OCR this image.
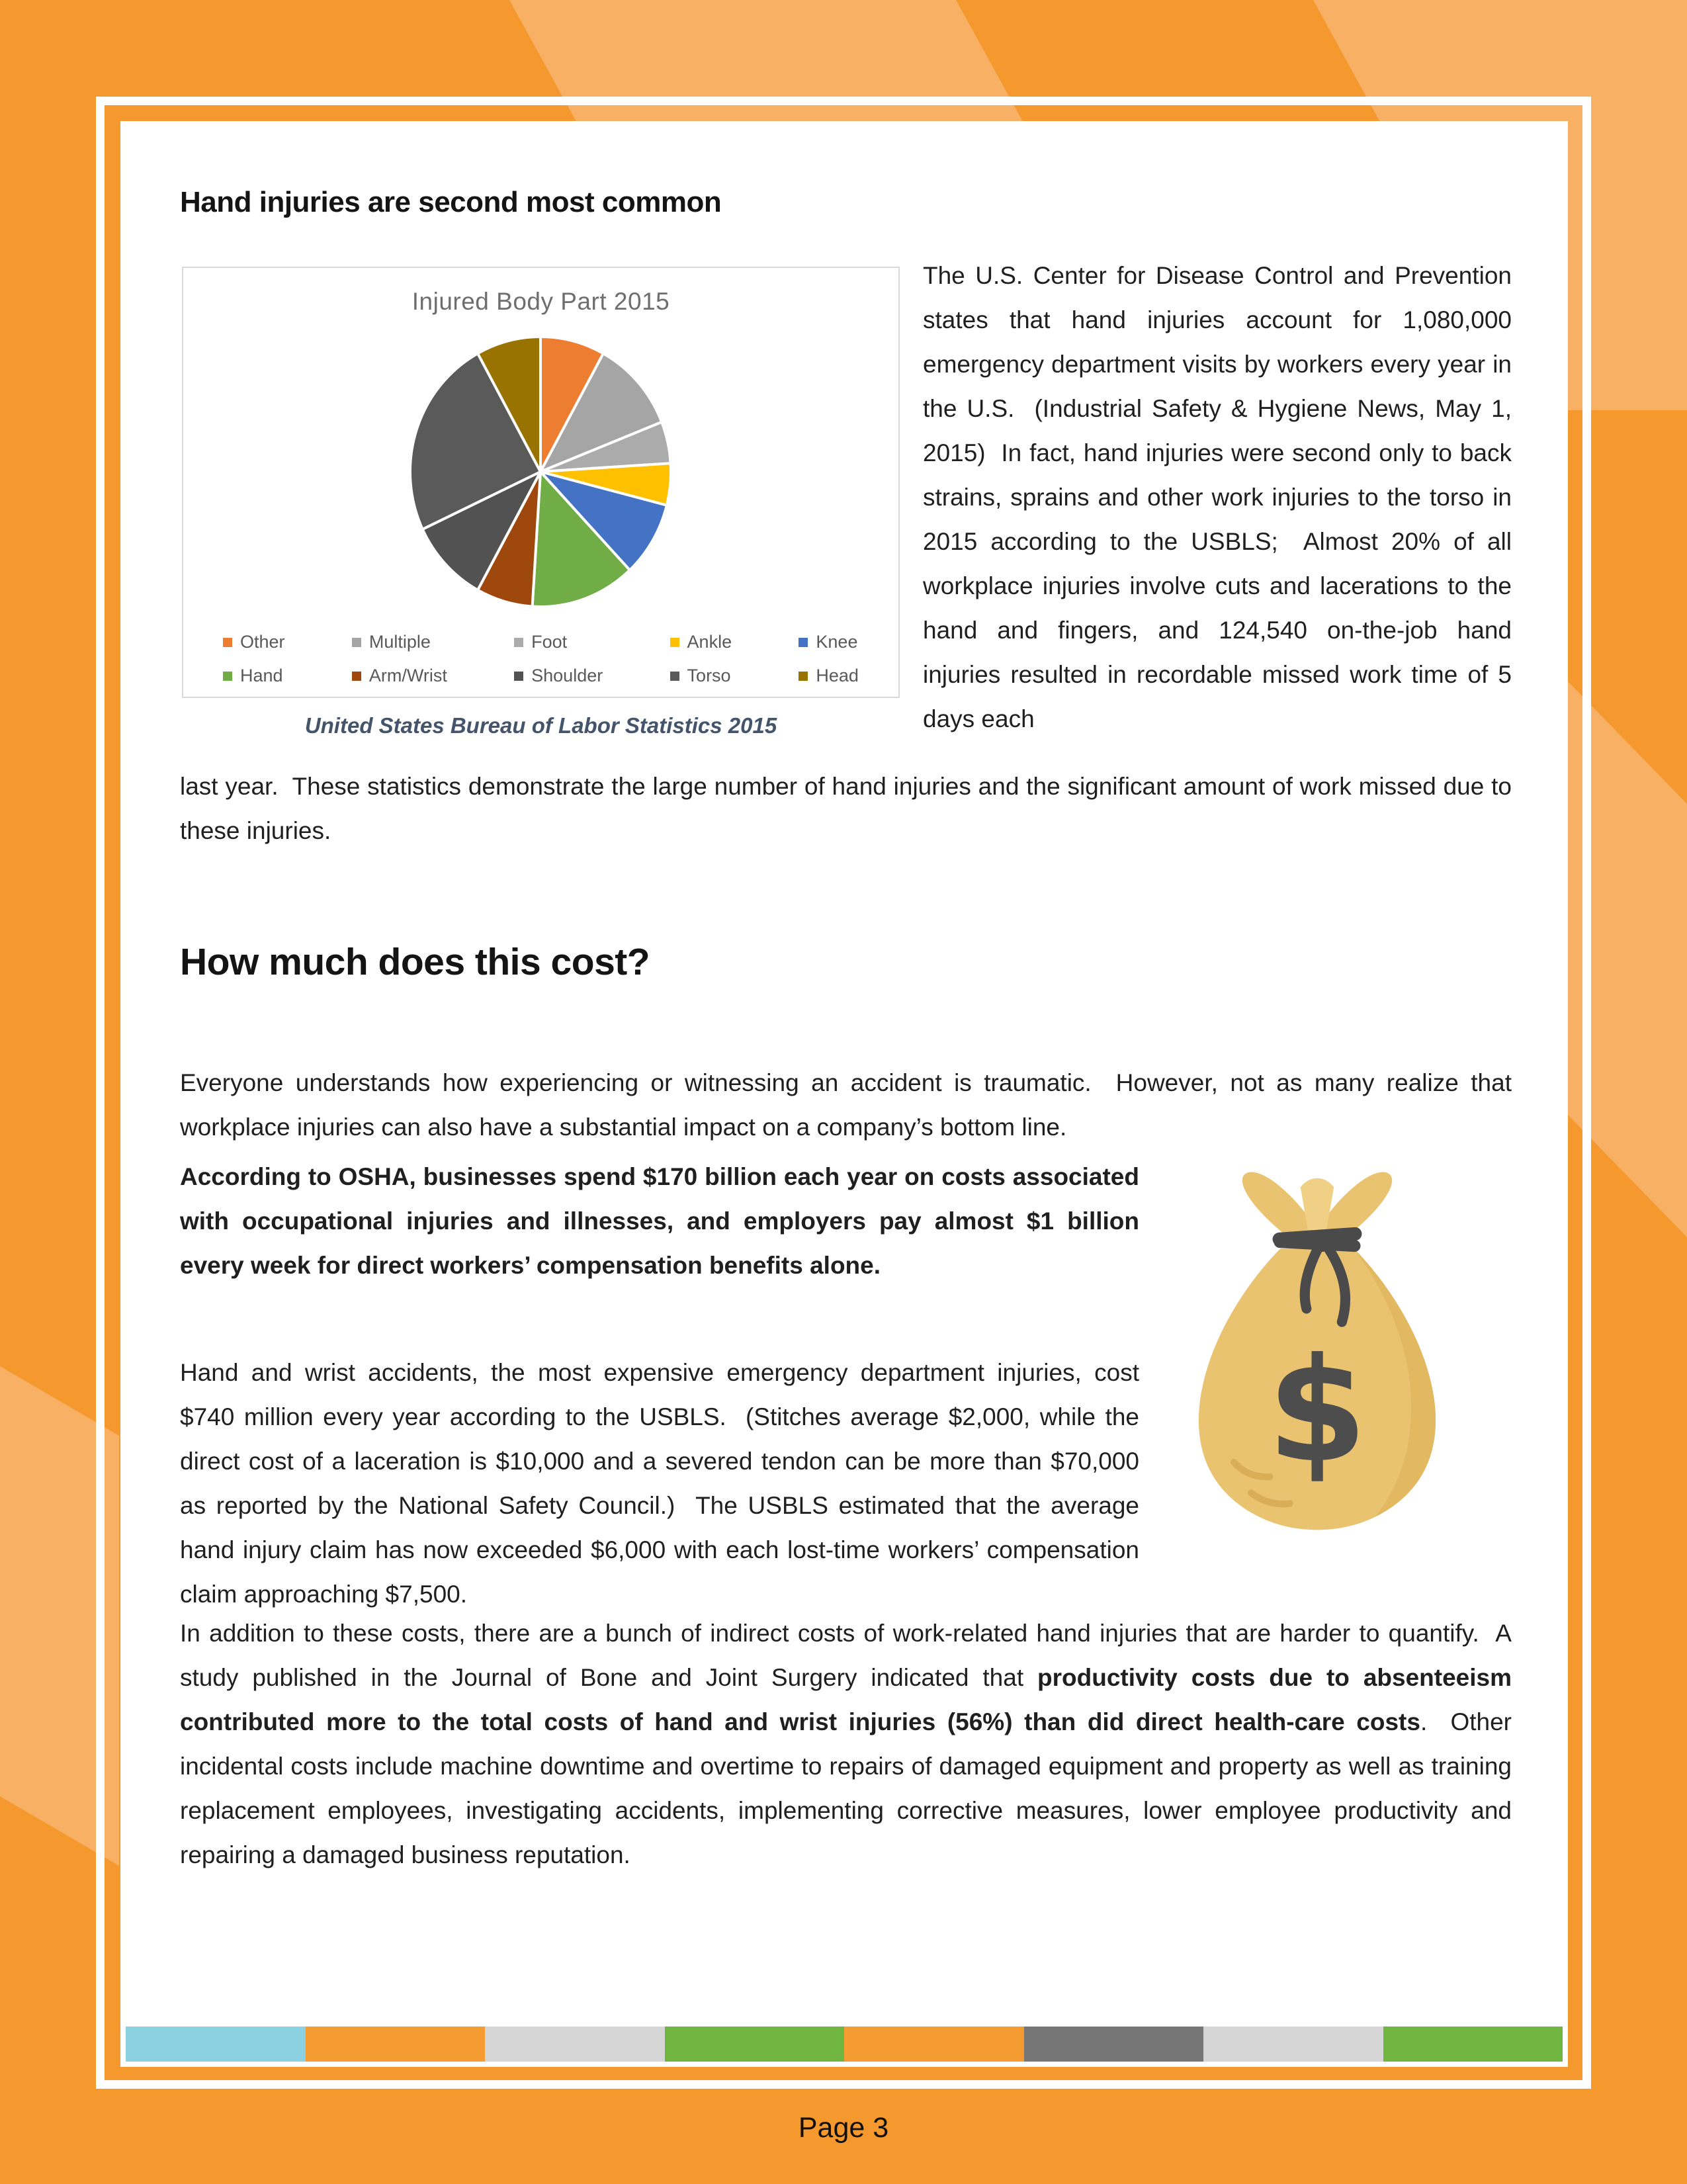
Hand injuries are second most common
Injured Body Part 2015
Other	Multiple	Foot	Ankle	Knee
Hand	Arm/Wrist	Shoulder	Torso	Head
United States Bureau of Labor Statistics 2015
The U.S. Center for Disease Control and Prevention states that hand injuries account for 1,080,000 emergency department visits by workers every year in the U.S.  (Industrial Safety & Hygiene News, May 1, 2015)  In fact, hand injuries were second only to back strains, sprains and other work injuries to the torso in 2015 according to the USBLS;  Almost 20% of all workplace injuries involve cuts and lacerations to the hand and fingers, and 124,540 on-the-job hand injuries resulted in recordable missed work time of 5 days each
last year.  These statistics demonstrate the large number of hand injuries and the significant amount of work missed due to these injuries.
How much does this cost?
Everyone understands how experiencing or witnessing an accident is traumatic.  However, not as many realize that workplace injuries can also have a substantial impact on a company’s bottom line.
According to OSHA, businesses spend $170 billion each year on costs associated with occupational injuries and illnesses, and employers pay almost $1 billion every week for direct workers’ compensation benefits alone.
Hand and wrist accidents, the most expensive emergency department injuries, cost $740 million every year according to the USBLS.  (Stitches average $2,000, while the direct cost of a laceration is $10,000 and a severed tendon can be more than $70,000 as reported by the National Safety Council.)  The USBLS estimated that the average hand injury claim has now exceeded $6,000 with each lost-time workers’ compensation claim approaching $7,500.
In addition to these costs, there are a bunch of indirect costs of work-related hand injuries that are harder to quantify.  A study published in the Journal of Bone and Joint Surgery indicated that productivity costs due to absenteeism contributed more to the total costs of hand and wrist injuries (56%) than did direct health-care costs.  Other incidental costs include machine downtime and overtime to repairs of damaged equipment and property as well as training replacement employees, investigating accidents, implementing corrective measures, lower employee productivity and repairing a damaged business reputation.
$
Page 3
